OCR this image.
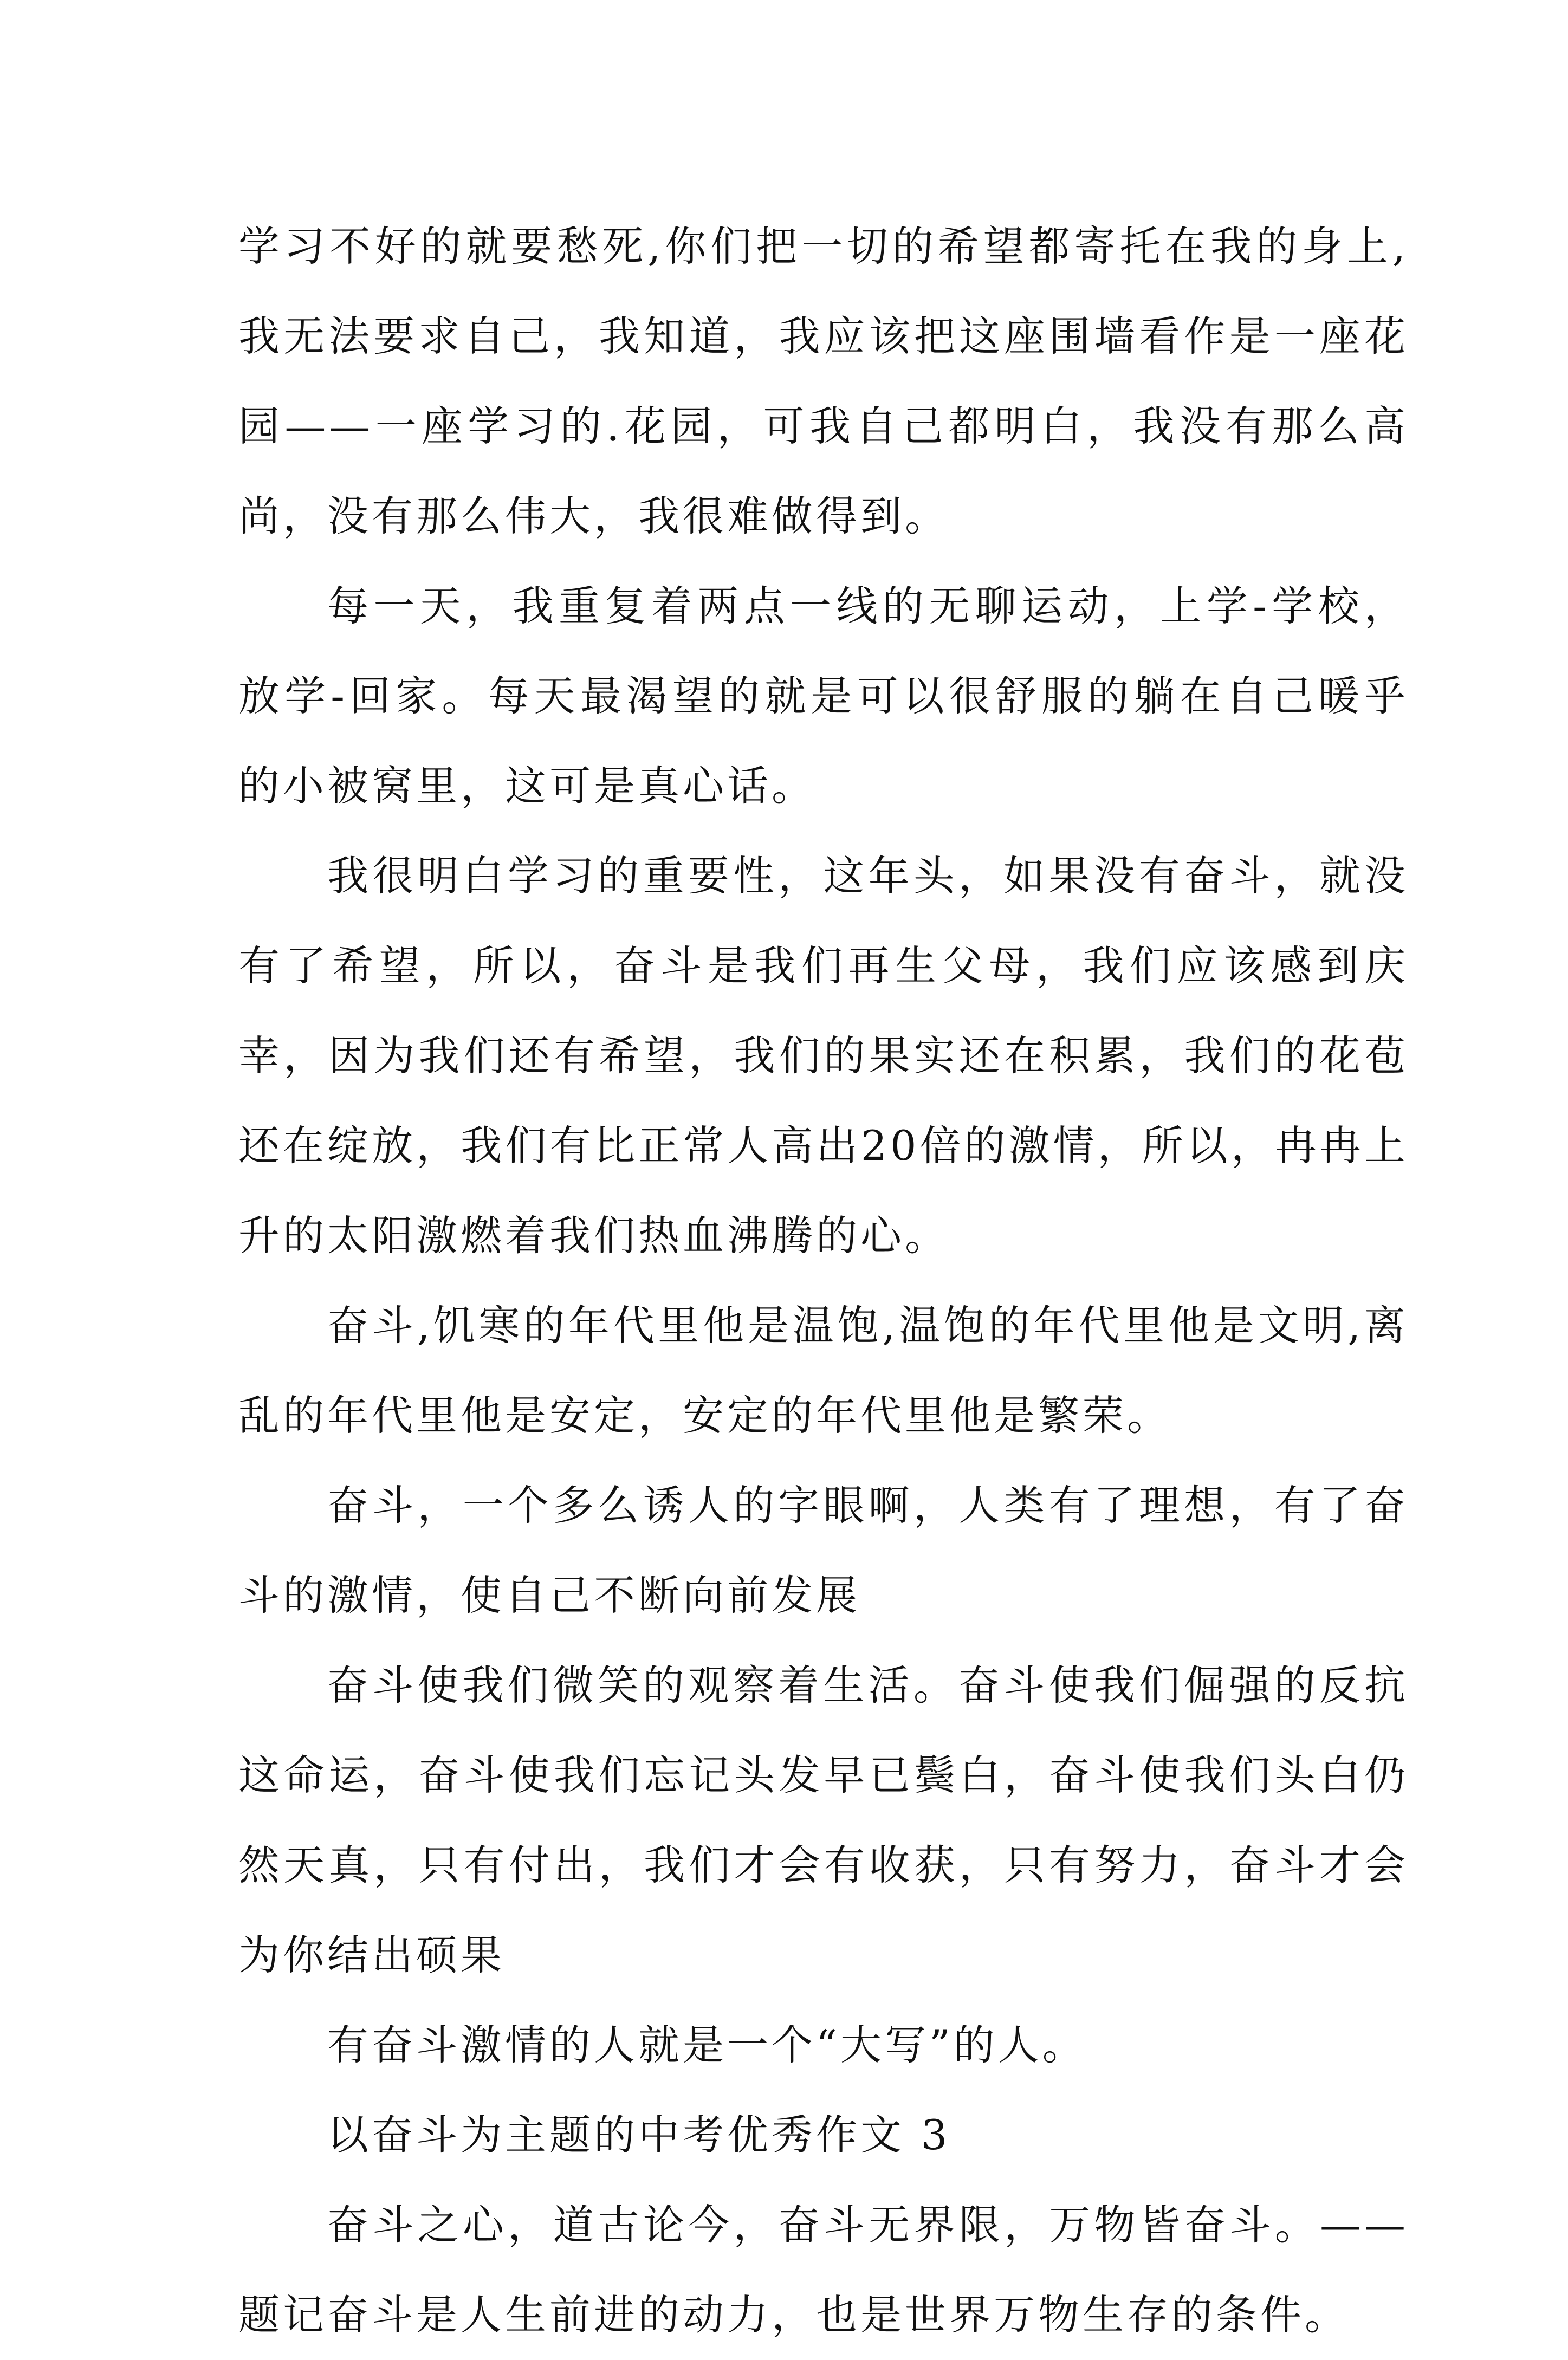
学习不好的就要愁死,你们把一切的希望都寄托在我的身上,我无法要求自己，我知道，我应该把这座围墙看作是一座花园——一座学习的.花园，可我自己都明白，我没有那么高尚，没有那么伟大，我很难做得到。

每一天，我重复着两点一线的无聊运动，上学-学校，放学-回家。每天最渴望的就是可以很舒服的躺在自己暖乎的小被窝里，这可是真心话。

我很明白学习的重要性，这年头，如果没有奋斗，就没有了希望，所以，奋斗是我们再生父母，我们应该感到庆幸，因为我们还有希望，我们的果实还在积累，我们的花苞还在绽放，我们有比正常人高出20倍的激情，所以，冉冉上升的太阳激燃着我们热血沸腾的心。

奋斗,饥寒的年代里他是温饱,温饱的年代里他是文明,离乱的年代里他是安定，安定的年代里他是繁荣。

奋斗，一个多么诱人的字眼啊，人类有了理想，有了奋斗的激情，使自己不断向前发展

奋斗使我们微笑的观察着生活。奋斗使我们倔强的反抗这命运，奋斗使我们忘记头发早已鬓白，奋斗使我们头白仍然天真，只有付出，我们才会有收获，只有努力，奋斗才会为你结出硕果

有奋斗激情的人就是一个“大写”的人。

以奋斗为主题的中考优秀作文 3

奋斗之心，道古论今，奋斗无界限，万物皆奋斗。——题记奋斗是人生前进的动力，也是世界万物生存的条件。
